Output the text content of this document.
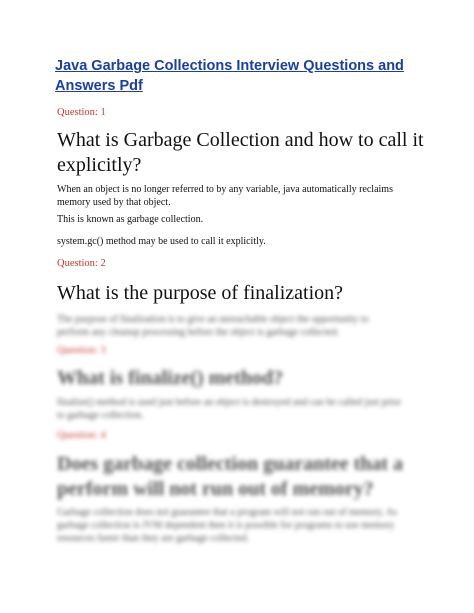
Java Garbage Collections Interview Questions and Answers Pdf

Question: 1

What is Garbage Collection and how to call it explicitly?

When an object is no longer referred to by any variable, java automatically reclaims memory used by that object.

This is known as garbage collection.

system.gc() method may be used to call it explicitly.

Question: 2

What is the purpose of finalization?

The purpose of finalization is to give an unreachable object the opportunity to perform any cleanup processing before the object is garbage collected.

Question: 3

What is finalize() method?

finalize() method is used just before an object is destroyed and can be called just prior to garbage collection.

Question: 4

Does garbage collection guarantee that a perform will not run out of memory?

Garbage collection does not guarantee that a program will not run out of memory. As garbage collection is JVM dependent then it is possible for programs to use memory resources faster than they are garbage collected.
